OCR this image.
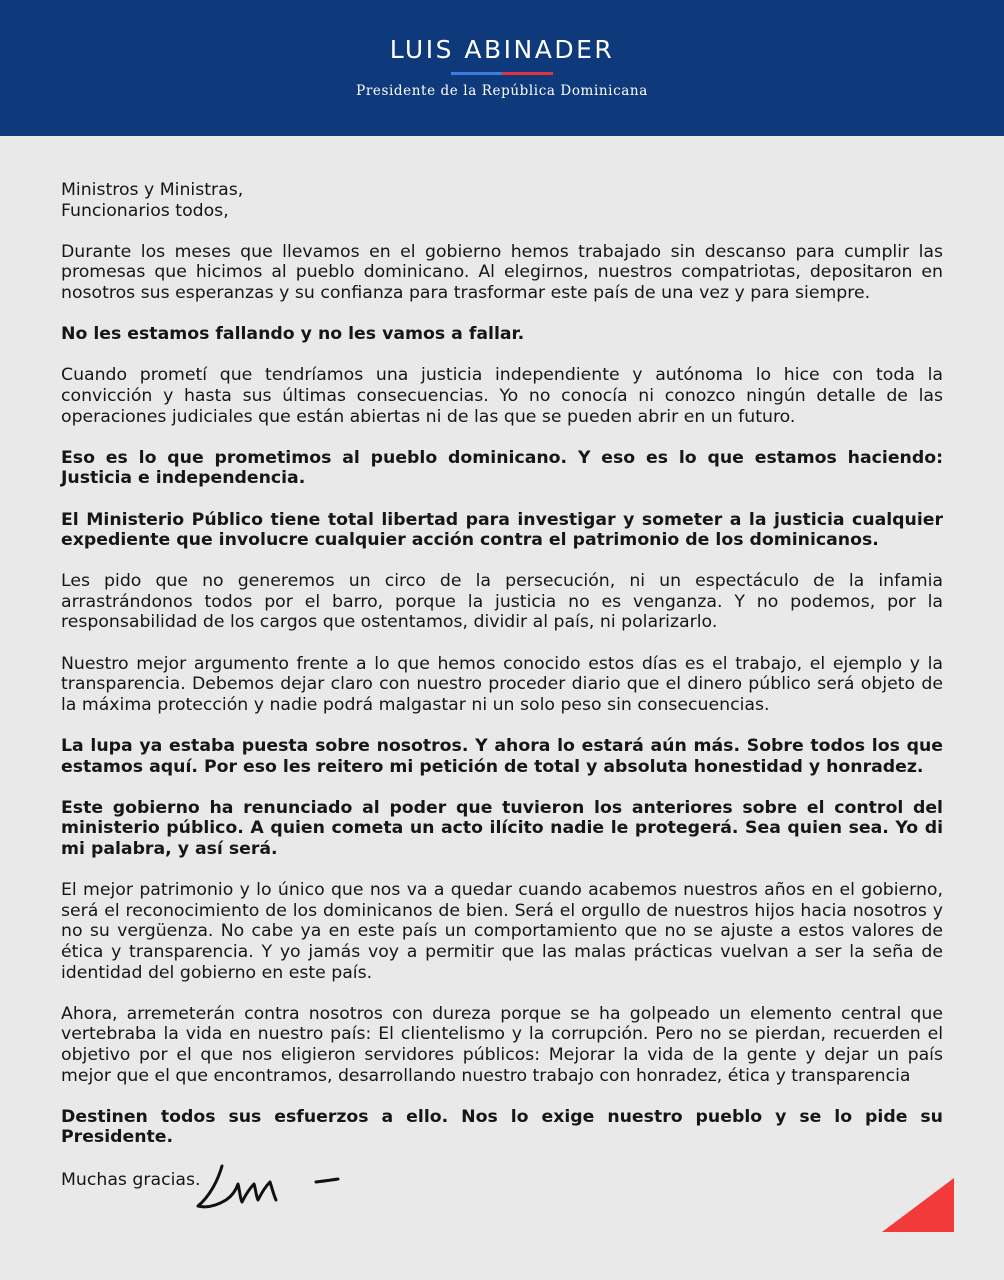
LUIS ABINADER
Presidente de la República Dominicana

Ministros y Ministras,
Funcionarios todos,

Durante los meses que llevamos en el gobierno hemos trabajado sin descanso para cumplir las promesas que hicimos al pueblo dominicano. Al elegirnos, nuestros compatriotas, depositaron en nosotros sus esperanzas y su confianza para trasformar este país de una vez y para siempre.

No les estamos fallando y no les vamos a fallar.

Cuando prometí que tendríamos una justicia independiente y autónoma lo hice con toda la convicción y hasta sus últimas consecuencias. Yo no conocía ni conozco ningún detalle de las operaciones judiciales que están abiertas ni de las que se pueden abrir en un futuro.

Eso es lo que prometimos al pueblo dominicano. Y eso es lo que estamos haciendo: Justicia e independencia.

El Ministerio Público tiene total libertad para investigar y someter a la justicia cualquier expediente que involucre cualquier acción contra el patrimonio de los dominicanos.

Les pido que no generemos un circo de la persecución, ni un espectáculo de la infamia arrastrándonos todos por el barro, porque la justicia no es venganza. Y no podemos, por la responsabilidad de los cargos que ostentamos, dividir al país, ni polarizarlo.

Nuestro mejor argumento frente a lo que hemos conocido estos días es el trabajo, el ejemplo y la transparencia. Debemos dejar claro con nuestro proceder diario que el dinero público será objeto de la máxima protección y nadie podrá malgastar ni un solo peso sin consecuencias.

La lupa ya estaba puesta sobre nosotros. Y ahora lo estará aún más. Sobre todos los que estamos aquí. Por eso les reitero mi petición de total y absoluta honestidad y honradez.

Este gobierno ha renunciado al poder que tuvieron los anteriores sobre el control del ministerio público. A quien cometa un acto ilícito nadie le protegerá. Sea quien sea. Yo di mi palabra, y así será.

El mejor patrimonio y lo único que nos va a quedar cuando acabemos nuestros años en el gobierno, será el reconocimiento de los dominicanos de bien. Será el orgullo de nuestros hijos hacia nosotros y no su vergüenza. No cabe ya en este país un comportamiento que no se ajuste a estos valores de ética y transparencia. Y yo jamás voy a permitir que las malas prácticas vuelvan a ser la seña de identidad del gobierno en este país.

Ahora, arremeterán contra nosotros con dureza porque se ha golpeado un elemento central que vertebraba la vida en nuestro país: El clientelismo y la corrupción. Pero no se pierdan, recuerden el objetivo por el que nos eligieron servidores públicos: Mejorar la vida de la gente y dejar un país mejor que el que encontramos, desarrollando nuestro trabajo con honradez, ética y transparencia

Destinen todos sus esfuerzos a ello. Nos lo exige nuestro pueblo y se lo pide su Presidente.

Muchas gracias.
